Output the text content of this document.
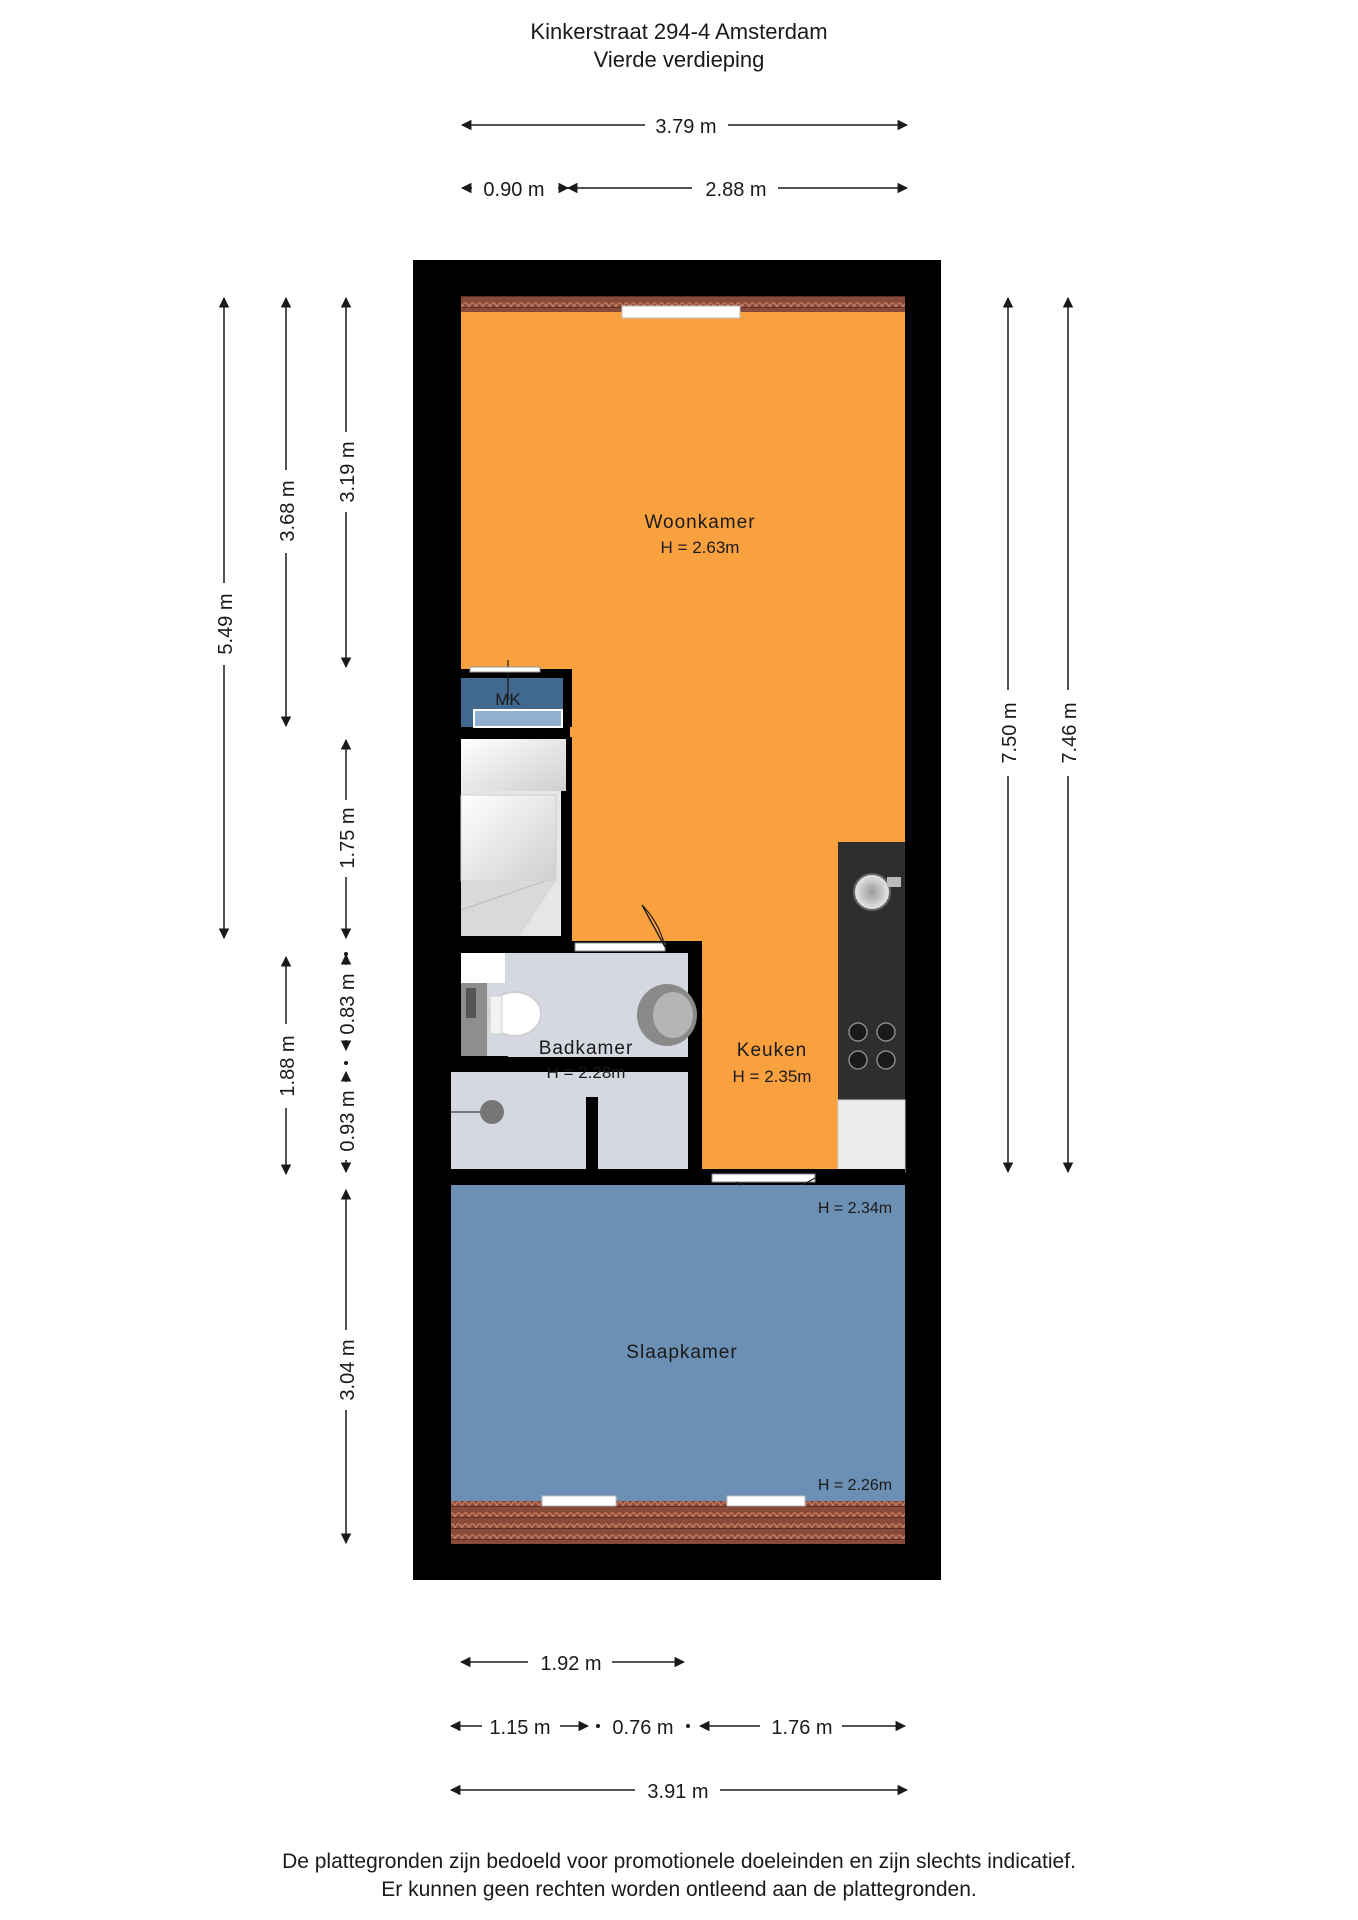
Kinkerstraat 294-4 Amsterdam
Vierde verdieping
Woonkamer
H = 2.63m
MK
Badkamer
H = 2.28m
Keuken
H = 2.35m
H = 2.34m
Slaapkamer
H = 2.26m
3.79 m
0.90 m	2.88 m
5.49 m
3.68 m
1.88 m
3.19 m
1.75 m
0.83 m
0.93 m
3.04 m
7.50 m 7.46 m
1.92 m
1.15 m	0.76 m	1.76 m
3.91 m
De plattegronden zijn bedoeld voor promotionele doeleinden en zijn slechts indicatief.
Er kunnen geen rechten worden ontleend aan de plattegronden.
